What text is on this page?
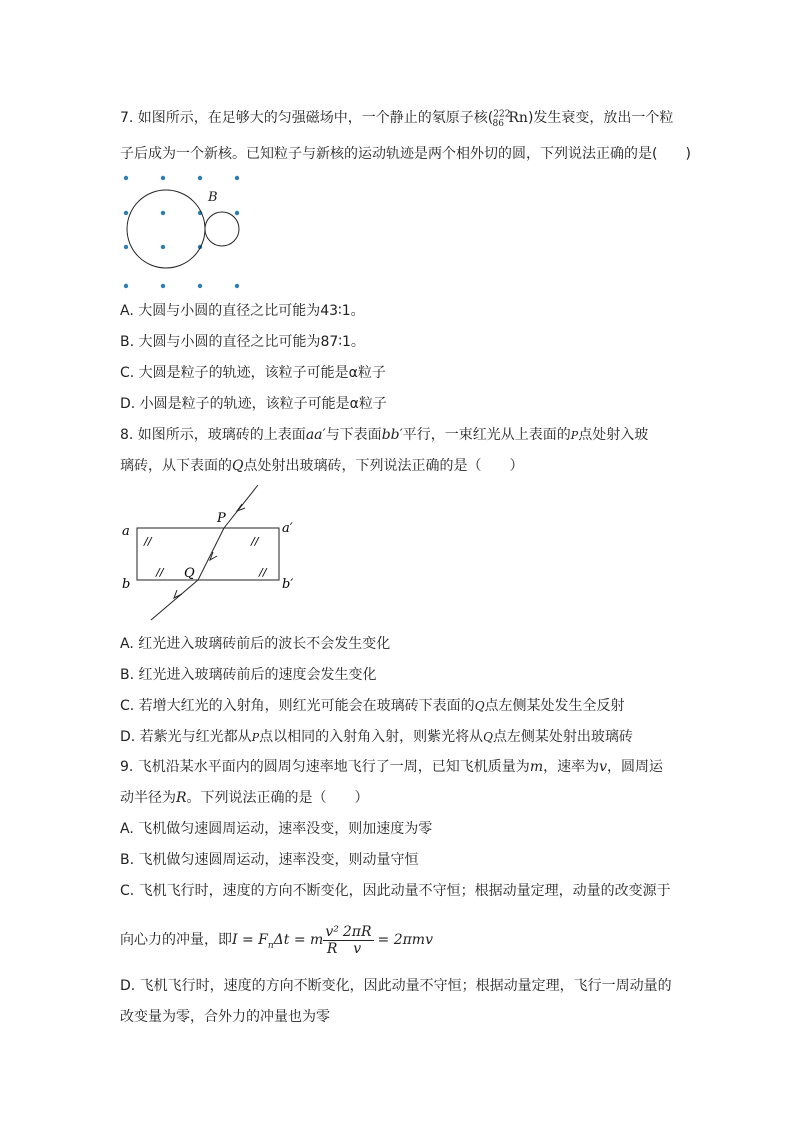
7. 如图所示，在足够大的匀强磁场中，一个静止的氡原子核($^{222}_{86}$ Rn)发生衰变，放出一个粒
子后成为一个新核。已知粒子与新核的运动轨迹是两个相外切的圆，下列说法正确的是(　　)
B
A. 大圆与小圆的直径之比可能为43∶1。
B. 大圆与小圆的直径之比可能为87∶1。
C. 大圆是粒子的轨迹，该粒子可能是α粒子
D. 小圆是粒子的轨迹，该粒子可能是α粒子
8. 如图所示，玻璃砖的上表面aa′与下表面bb′平行，一束红光从上表面的P点处射入玻
璃砖，从下表面的Q点处射出玻璃砖，下列说法正确的是（　　）
a	a′
b	b′
P
Q
//	//
//	//
A. 红光进入玻璃砖前后的波长不会发生变化
B. 红光进入玻璃砖前后的速度会发生变化
C. 若增大红光的入射角，则红光可能会在玻璃砖下表面的Q点左侧某处发生全反射
D. 若紫光与红光都从P点以相同的入射角入射，则紫光将从Q点左侧某处射出玻璃砖
9. 飞机沿某水平面内的圆周匀速率地飞行了一周，已知飞机质量为m，速率为v，圆周运
动半径为R。下列说法正确的是（　　）
A. 飞机做匀速圆周运动，速率没变，则加速度为零
B. 飞机做匀速圆周运动，速率没变，则动量守恒
C. 飞机飞行时，速度的方向不断变化，因此动量不守恒；根据动量定理，动量的改变源于
向心力的冲量，即$I = F_n\Delta t = m \frac{\text{v²}}{R} \frac{2\pi R}{v} = 2\pi mv$
D. 飞机飞行时，速度的方向不断变化，因此动量不守恒；根据动量定理，飞行一周动量的
改变量为零，合外力的冲量也为零
